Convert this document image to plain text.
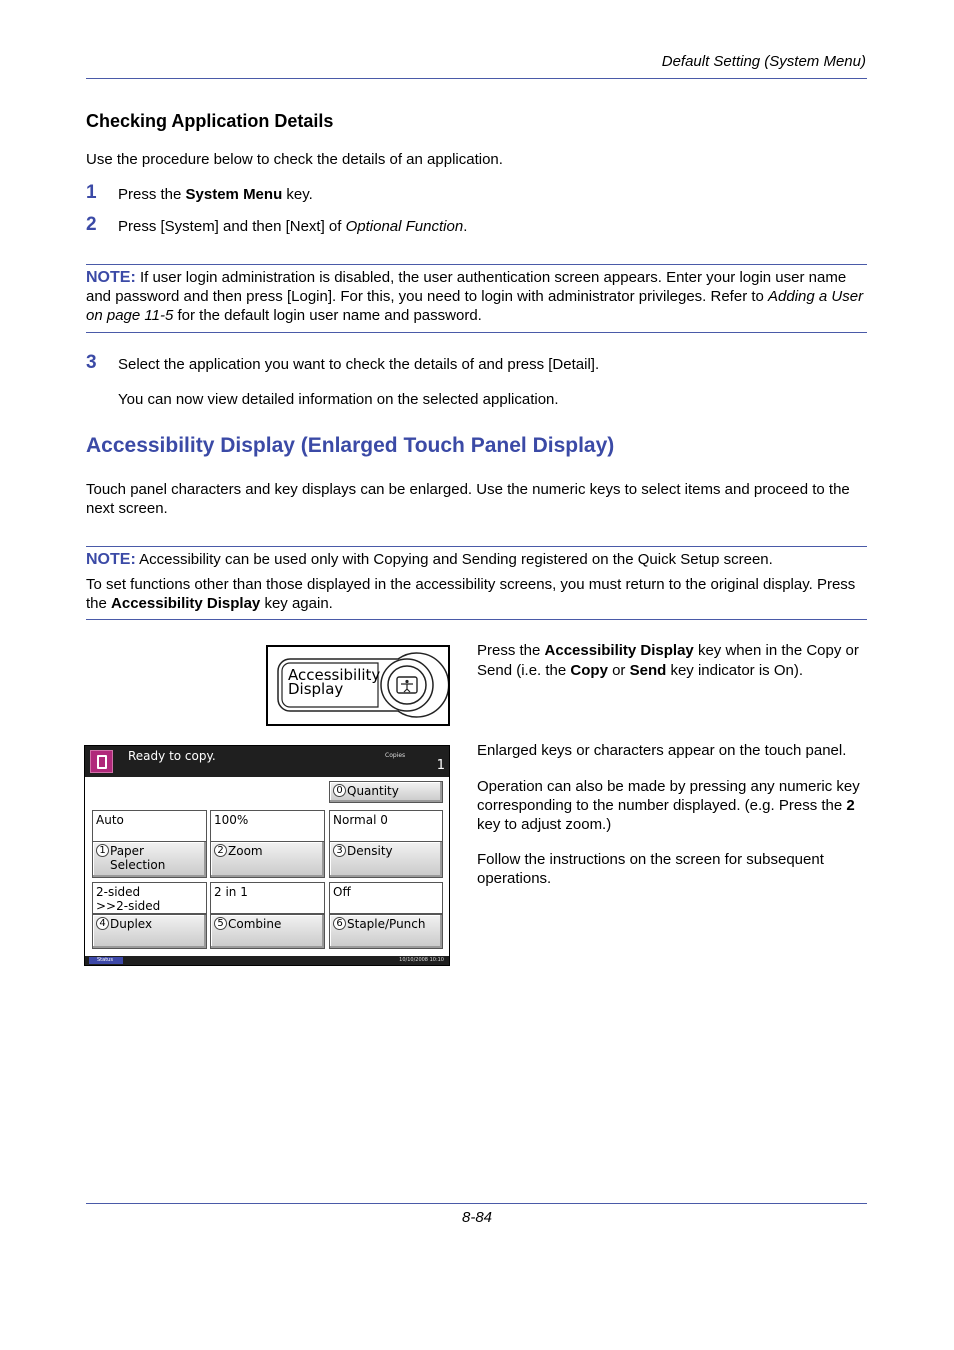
Default Setting (System Menu)
Checking Application Details
Use the procedure below to check the details of an application.
1 Press the System Menu key.
2 Press [System] and then [Next] of Optional Function.
NOTE: If user login administration is disabled, the user authentication screen appears. Enter your login user name and password and then press [Login]. For this, you need to login with administrator privileges. Refer to Adding a User on page 11-5 for the default login user name and password.
3 Select the application you want to check the details of and press [Detail].
You can now view detailed information on the selected application.
Accessibility Display (Enlarged Touch Panel Display)
Touch panel characters and key displays can be enlarged. Use the numeric keys to select items and proceed to the next screen.
NOTE: Accessibility can be used only with Copying and Sending registered on the Quick Setup screen.
To set functions other than those displayed in the accessibility screens, you must return to the original display. Press the Accessibility Display key again.
Accessibility
Display
Press the Accessibility Display key when in the Copy or Send (i.e. the Copy or Send key indicator is On).
Enlarged keys or characters appear on the touch panel.
Operation can also be made by pressing any numeric key corresponding to the number displayed. (e.g. Press the 2 key to adjust zoom.)
Follow the instructions on the screen for subsequent operations.
Ready to copy.	Copies
1
0 Quantity
Auto	100%	Normal 0
1 Paper
Selection
2 Zoom	3 Density
2-sided
>>2-sided
2 in 1	Off
4 Duplex	5 Combine	6 Staple/Punch
Status	10/10/2008 10:10
8-84
